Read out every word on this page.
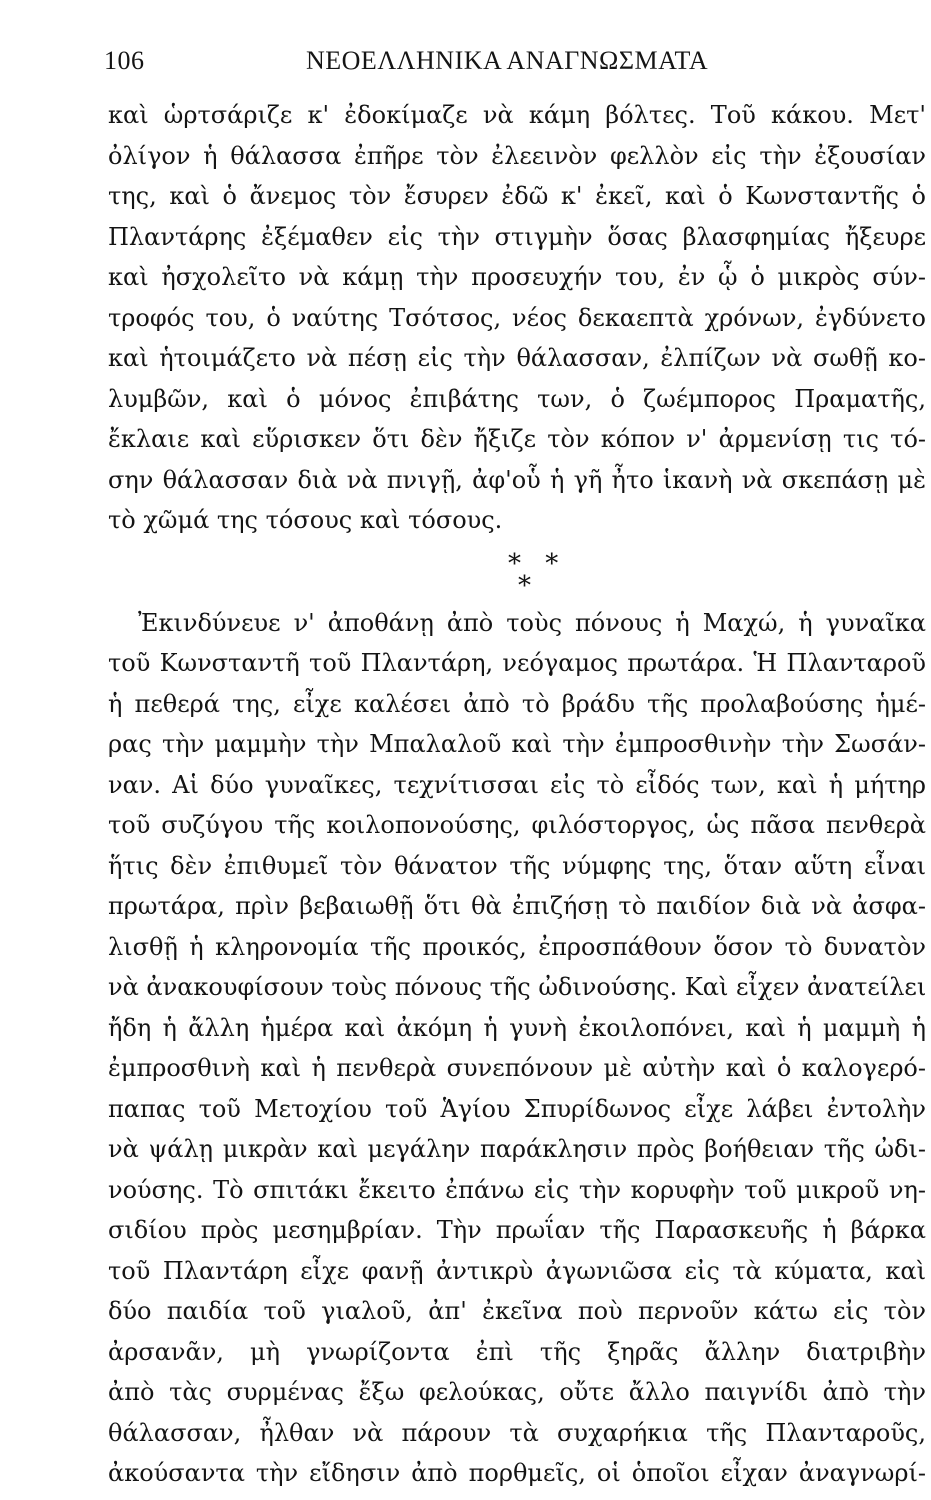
106	ΝΕΟΕΛΛΗΝΙΚΑ ΑΝΑΓΝΩΣΜΑΤΑ
καὶ ὡρτσάριζε κ' ἐδοκίμαζε νὰ κάμη βόλτες. Τοῦ κάκου. Μετ'
ὀλίγον ἡ θάλασσα ἐπῆρε τὸν ἐλεεινὸν φελλὸν εἰς τὴν ἐξουσίαν
της, καὶ ὁ ἄνεμος τὸν ἔσυρεν ἐδῶ κ' ἐκεῖ, καὶ ὁ Κωνσταντῆς ὁ
Πλαντάρης ἐξέμαθεν εἰς τὴν στιγμὴν ὅσας βλασφημίας ἤξευρε
καὶ ἠσχολεῖτο νὰ κάμῃ τὴν προσευχήν του, ἐν ᾧ ὁ μικρὸς σύν-
τροφός του, ὁ ναύτης Τσότσος, νέος δεκαεπτὰ χρόνων, ἐγδύνετο
καὶ ἡτοιμάζετο νὰ πέσῃ εἰς τὴν θάλασσαν, ἐλπίζων νὰ σωθῇ κο-
λυμβῶν, καὶ ὁ μόνος ἐπιβάτης των, ὁ ζωέμπορος Πραματῆς,
ἔκλαιε καὶ εὕρισκεν ὅτι δὲν ἤξιζε τὸν κόπον ν' ἀρμενίσῃ τις τό-
σην θάλασσαν διὰ νὰ πνιγῇ, ἀφ'οὗ ἡ γῆ ἦτο ἱκανὴ νὰ σκεπάσῃ μὲ
τὸ χῶμά της τόσους καὶ τόσους.
* *
*
Ἐκινδύνευε ν' ἀποθάνῃ ἀπὸ τοὺς πόνους ἡ Μαχώ, ἡ γυναῖκα
τοῦ Κωνσταντῆ τοῦ Πλαντάρη, νεόγαμος πρωτάρα. Ἡ Πλανταροῦ
ἡ πεθερά της, εἶχε καλέσει ἀπὸ τὸ βράδυ τῆς προλαβούσης ἡμέ-
ρας τὴν μαμμὴν τὴν Μπαλαλοῦ καὶ τὴν ἐμπροσθινὴν τὴν Σωσάν-
ναν. Αἱ δύο γυναῖκες, τεχνίτισσαι εἰς τὸ εἶδός των, καὶ ἡ μήτηρ
τοῦ συζύγου τῆς κοιλοπονούσης, φιλόστοργος, ὡς πᾶσα πενθερὰ
ἥτις δὲν ἐπιθυμεῖ τὸν θάνατον τῆς νύμφης της, ὅταν αὕτη εἶναι
πρωτάρα, πρὶν βεβαιωθῇ ὅτι θὰ ἐπιζήσῃ τὸ παιδίον διὰ νὰ ἀσφα-
λισθῇ ἡ κληρονομία τῆς προικός, ἐπροσπάθουν ὅσον τὸ δυνατὸν
νὰ ἀνακουφίσουν τοὺς πόνους τῆς ὠδινούσης. Καὶ εἶχεν ἀνατείλει
ἤδη ἡ ἄλλη ἡμέρα καὶ ἀκόμη ἡ γυνὴ ἐκοιλοπόνει, καὶ ἡ μαμμὴ ἡ
ἐμπροσθινὴ καὶ ἡ πενθερὰ συνεπόνουν μὲ αὐτὴν καὶ ὁ καλογερό-
παπας τοῦ Μετοχίου τοῦ Ἁγίου Σπυρίδωνος εἶχε λάβει ἐντολὴν
νὰ ψάλῃ μικρὰν καὶ μεγάλην παράκλησιν πρὸς βοήθειαν τῆς ὠδι-
νούσης. Τὸ σπιτάκι ἔκειτο ἐπάνω εἰς τὴν κορυφὴν τοῦ μικροῦ νη-
σιδίου πρὸς μεσημβρίαν. Τὴν πρωΐαν τῆς Παρασκευῆς ἡ βάρκα
τοῦ Πλαντάρη εἶχε φανῇ ἀντικρὺ ἀγωνιῶσα εἰς τὰ κύματα, καὶ
δύο παιδία τοῦ γιαλοῦ, ἀπ' ἐκεῖνα ποὺ περνοῦν κάτω εἰς τὸν
ἀρσανᾶν, μὴ γνωρίζοντα ἐπὶ τῆς ξηρᾶς ἄλλην διατριβὴν
ἀπὸ τὰς συρμένας ἔξω φελούκας, οὔτε ἄλλο παιγνίδι ἀπὸ τὴν
θάλασσαν, ἦλθαν νὰ πάρουν τὰ συχαρήκια τῆς Πλανταροῦς,
ἀκούσαντα τὴν εἴδησιν ἀπὸ πορθμεῖς, οἱ ὁποῖοι εἶχαν ἀναγνωρί-
